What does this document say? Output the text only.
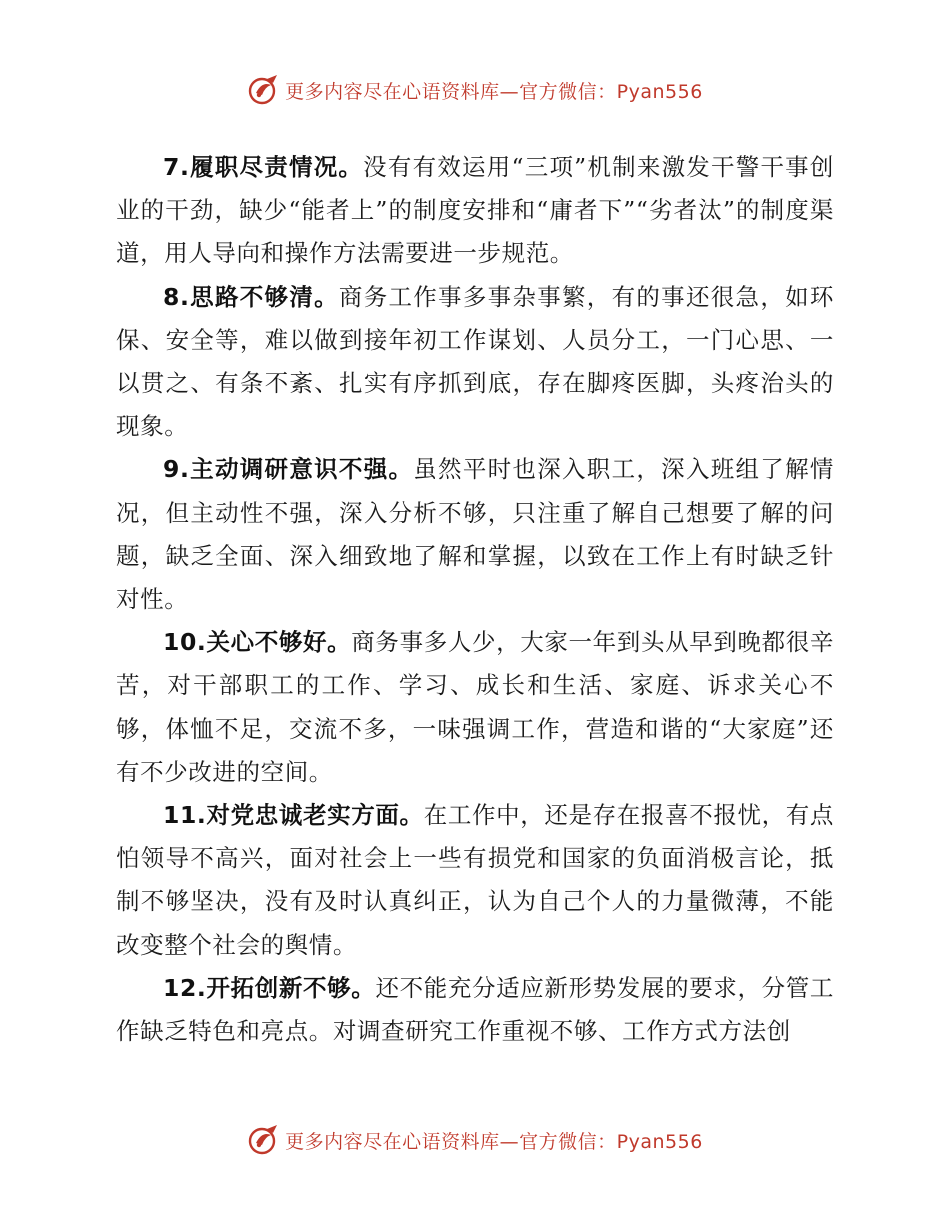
更多内容尽在心语资料库—官方微信：Pyan556

7.履职尽责情况。没有有效运用“三项”机制来激发干警干事创业的干劲，缺少“能者上”的制度安排和“庸者下”“劣者汰”的制度渠道，用人导向和操作方法需要进一步规范。

8.思路不够清。商务工作事多事杂事繁，有的事还很急，如环保、安全等，难以做到接年初工作谋划、人员分工，一门心思、一以贯之、有条不紊、扎实有序抓到底，存在脚疼医脚，头疼治头的现象。

9.主动调研意识不强。虽然平时也深入职工，深入班组了解情况，但主动性不强，深入分析不够，只注重了解自己想要了解的问题，缺乏全面、深入细致地了解和掌握，以致在工作上有时缺乏针对性。

10.关心不够好。商务事多人少，大家一年到头从早到晚都很辛苦，对干部职工的工作、学习、成长和生活、家庭、诉求关心不够，体恤不足，交流不多，一味强调工作，营造和谐的“大家庭”还有不少改进的空间。

11.对党忠诚老实方面。在工作中，还是存在报喜不报忧，有点怕领导不高兴，面对社会上一些有损党和国家的负面消极言论，抵制不够坚决，没有及时认真纠正，认为自己个人的力量微薄，不能改变整个社会的舆情。

12.开拓创新不够。还不能充分适应新形势发展的要求，分管工作缺乏特色和亮点。对调查研究工作重视不够、工作方式方法创

更多内容尽在心语资料库—官方微信：Pyan556
